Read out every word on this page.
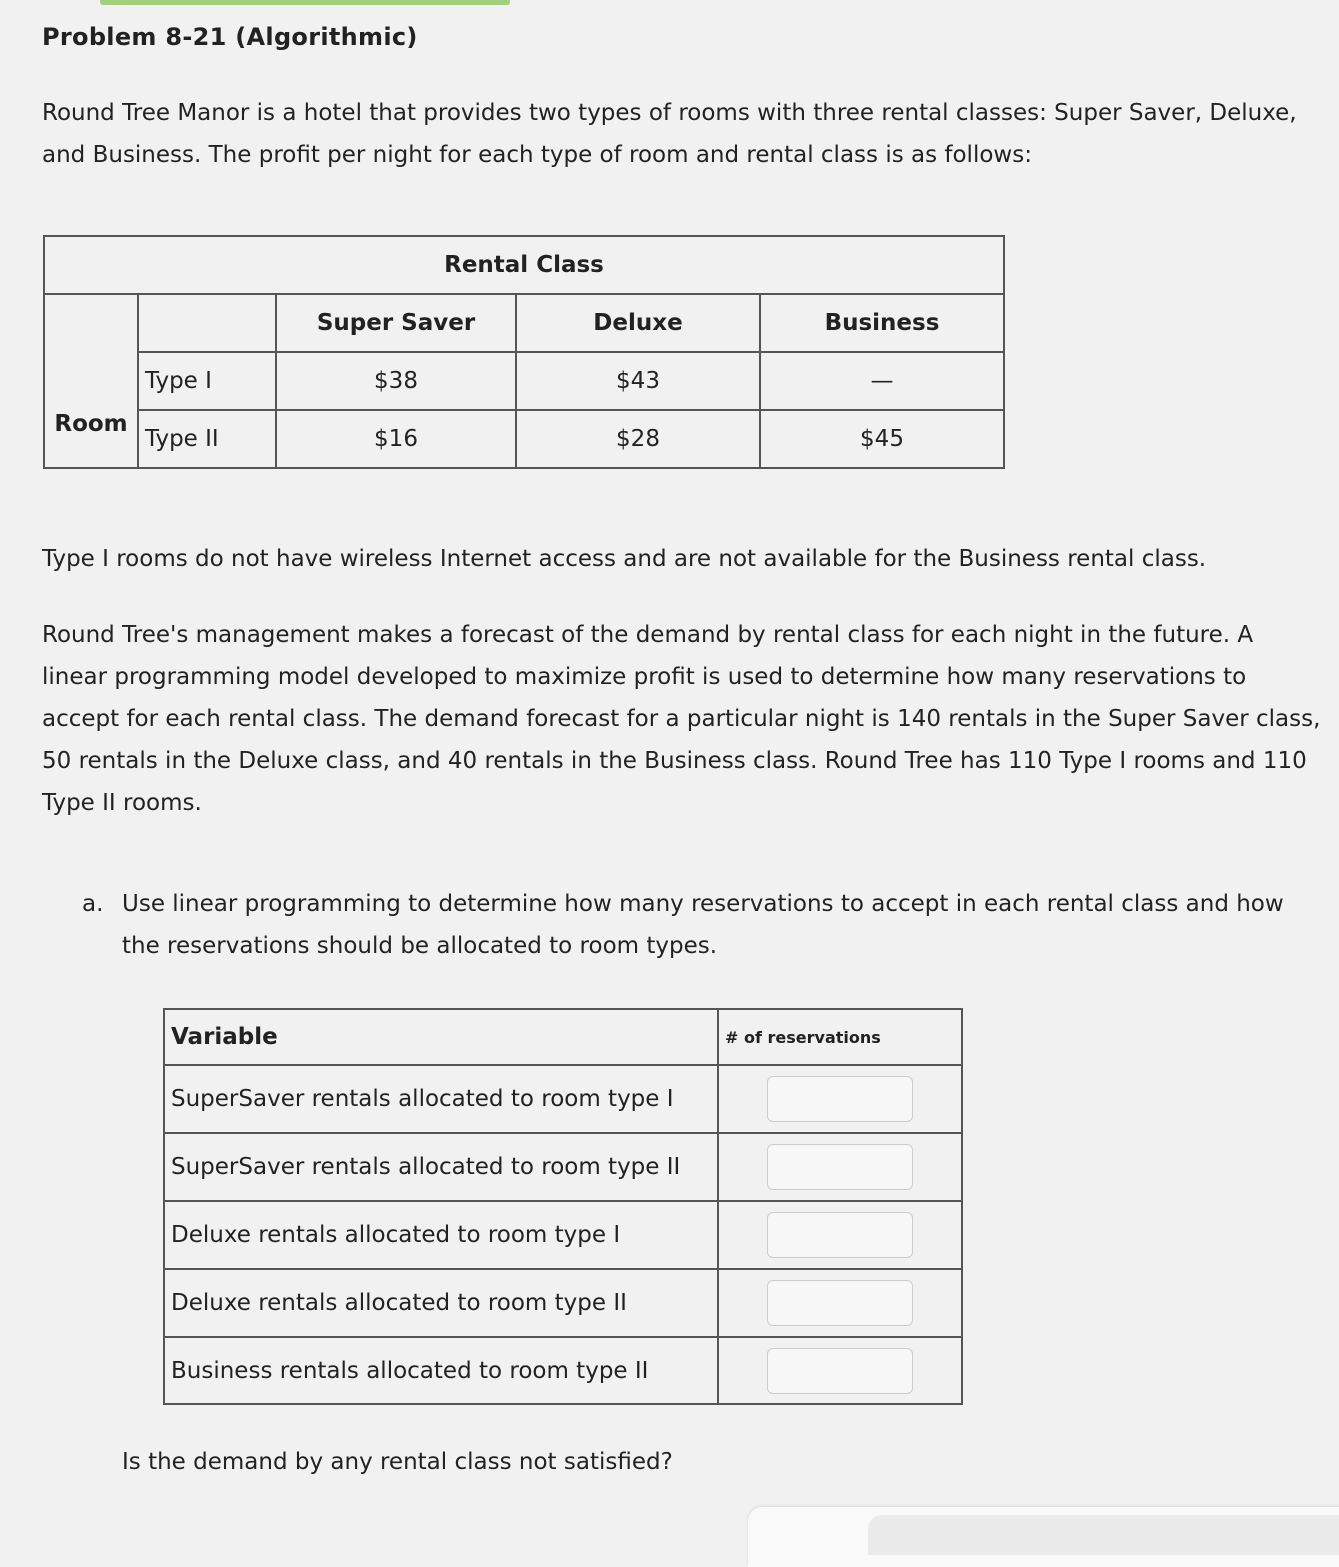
Problem 8-21 (Algorithmic)

Round Tree Manor is a hotel that provides two types of rooms with three rental classes: Super Saver, Deluxe, and Business. The profit per night for each type of room and rental class is as follows:

Rental Class
Room
Super Saver	Deluxe	Business
Type I	$38	$43	—
Type II	$16	$28	$45

Type I rooms do not have wireless Internet access and are not available for the Business rental class.

Round Tree's management makes a forecast of the demand by rental class for each night in the future. A linear programming model developed to maximize profit is used to determine how many reservations to accept for each rental class. The demand forecast for a particular night is 140 rentals in the Super Saver class, 50 rentals in the Deluxe class, and 40 rentals in the Business class. Round Tree has 110 Type I rooms and 110 Type II rooms.

a. Use linear programming to determine how many reservations to accept in each rental class and how the reservations should be allocated to room types.
Variable	# of reservations
SuperSaver rentals allocated to room type I
SuperSaver rentals allocated to room type II
Deluxe rentals allocated to room type I
Deluxe rentals allocated to room type II
Business rentals allocated to room type II
Is the demand by any rental class not satisfied?
